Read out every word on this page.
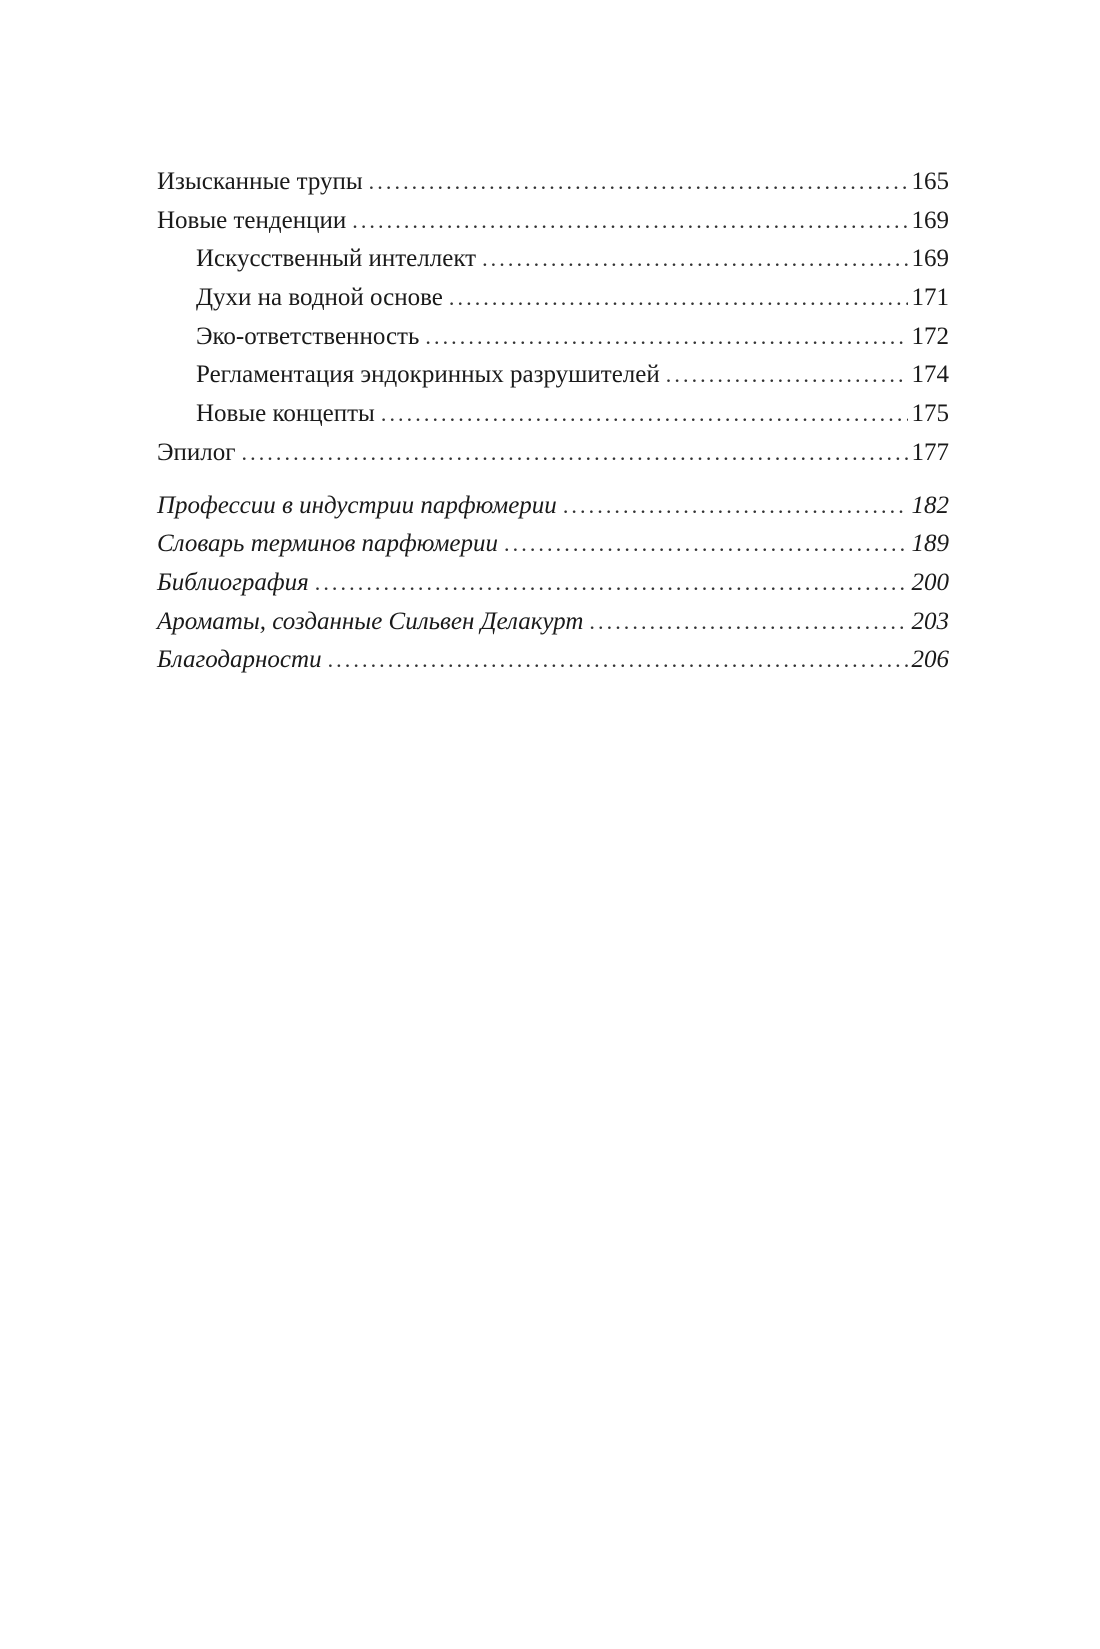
Изысканные трупы . . .	165
Новые тенденции . . .	169
Искусственный интеллект . . .	169
Духи на водной основе . . .	171
Эко-ответственность . . .	172
Регламентация эндокринных разрушителей . . .	174
Новые концепты . . .	175
Эпилог . . .	177
Профессии в индустрии парфюмерии . . .	182
Словарь терминов парфюмерии . . .	189
Библиография . . .	200
Ароматы, созданные Сильвен Делакурт . . .	203
Благодарности . . .	206
